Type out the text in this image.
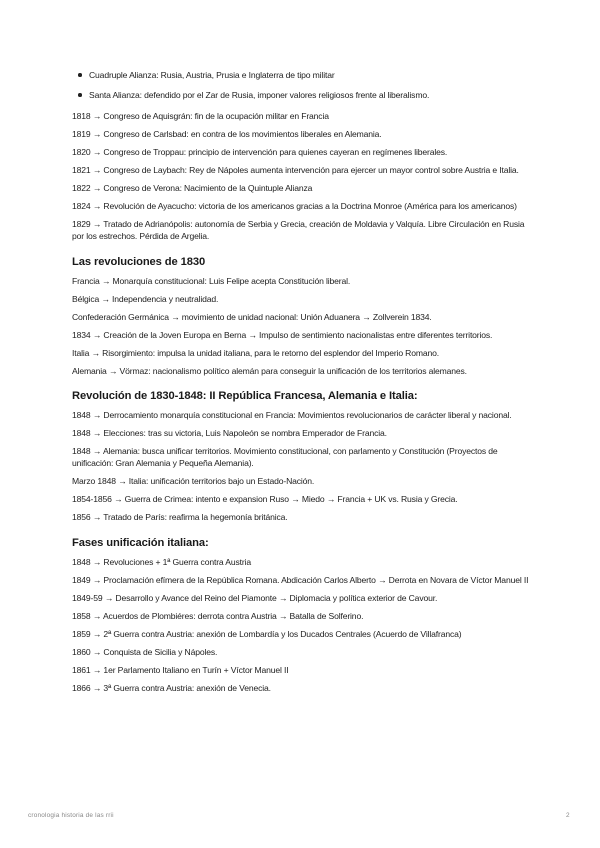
Cuadruple Alianza: Rusia, Austria, Prusia e Inglaterra de tipo militar
Santa Alianza: defendido por el Zar de Rusia, imponer valores religiosos frente al liberalismo.

1818 → Congreso de Aquisgrán: fin de la ocupación militar en Francia

1819 → Congreso de Carlsbad: en contra de los movimientos liberales en Alemania.

1820 → Congreso de Troppau: principio de intervención para quienes cayeran en regímenes liberales.

1821 → Congreso de Laybach: Rey de Nápoles aumenta intervención para ejercer un mayor control sobre Austria e Italia.

1822 → Congreso de Verona: Nacimiento de la Quintuple Alianza

1824 → Revolución de Ayacucho: victoria de los americanos gracias a la Doctrina Monroe (América para los americanos)

1829 → Tratado de Adrianópolis: autonomía de Serbia y Grecia, creación de Moldavia y Valquía. Libre Circulación en Rusia por los estrechos. Pérdida de Argelia.

Las revoluciones de 1830

Francia → Monarquía constitucional: Luis Felipe acepta Constitución liberal.

Bélgica → Independencia y neutralidad.

Confederación Germánica → movimiento de unidad nacional: Unión Aduanera → Zollverein 1834.

1834 → Creación de la Joven Europa en Berna → Impulso de sentimiento nacionalistas entre diferentes territorios.

Italia → Risorgimiento: impulsa la unidad italiana, para le retorno del esplendor del Imperio Romano.

Alemania → Vörmaz: nacionalismo político alemán para conseguir la unificación de los territorios alemanes.

Revolución de 1830-1848: II República Francesa, Alemania e Italia:

1848 → Derrocamiento monarquía constitucional en Francia: Movimientos revolucionarios de carácter liberal y nacional.

1848 → Elecciones: tras su victoria, Luis Napoleón se nombra Emperador de Francia.

1848 → Alemania: busca unificar territorios. Movimiento constitucional, con parlamento y Constitución (Proyectos de unificación: Gran Alemania y Pequeña Alemania).

Marzo 1848 → Italia: unificación territorios bajo un Estado-Nación.

1854-1856 → Guerra de Crimea: intento e expansion Ruso → Miedo → Francia + UK vs. Rusia y Grecia.

1856 → Tratado de París: reafirma la hegemonía británica.

Fases unificación italiana:

1848 → Revoluciones + 1ª Guerra contra Austria

1849 → Proclamación efímera de la República Romana. Abdicación Carlos Alberto → Derrota en Novara de Víctor Manuel II

1849-59 → Desarrollo y Avance del Reino del Piamonte → Diplomacia y política exterior de Cavour.

1858 → Acuerdos de Plombiéres: derrota contra Austria → Batalla de Solferino.

1859 → 2ª Guerra contra Austria: anexión de Lombardía y los Ducados Centrales (Acuerdo de Villafranca)

1860 → Conquista de Sicilia y Nápoles.

1861 → 1er Parlamento Italiano en Turín + Víctor Manuel II

1866 → 3ª Guerra contra Austria: anexión de Venecia.

cronologia historia de las rrii	2
